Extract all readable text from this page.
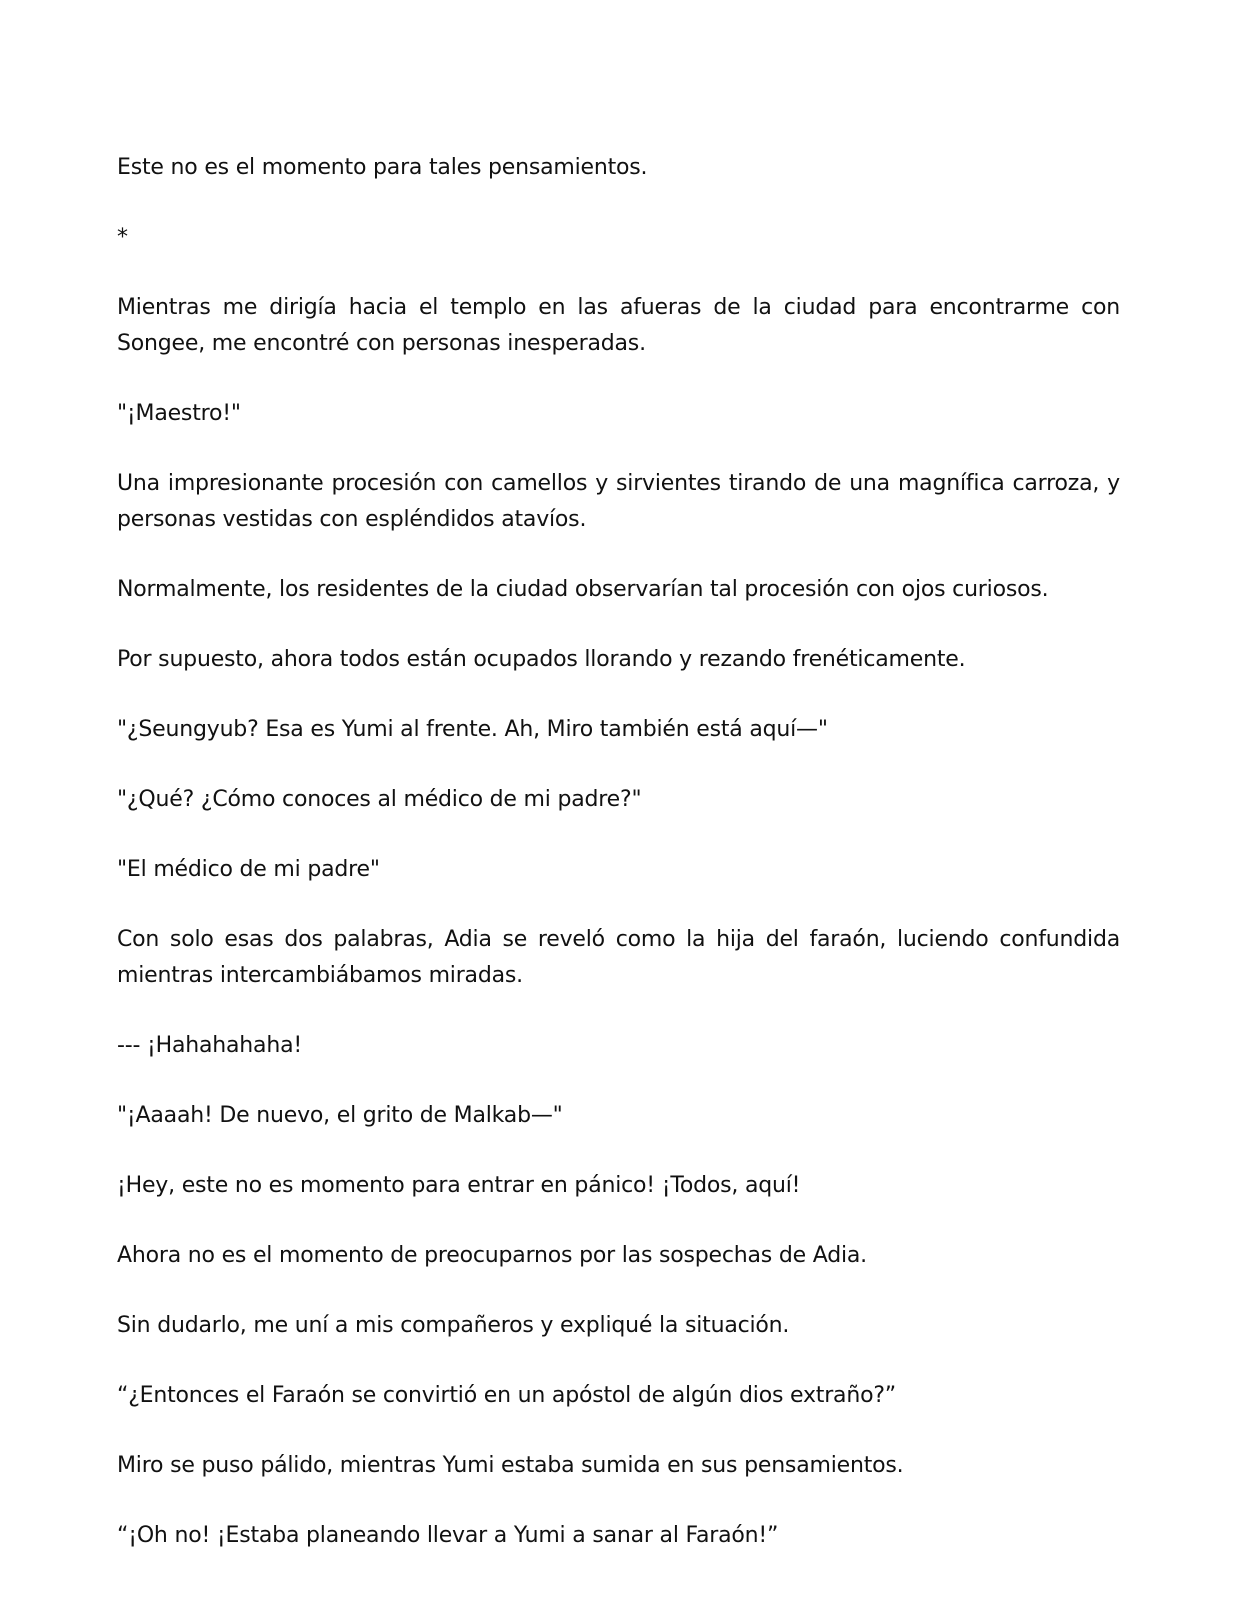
Este no es el momento para tales pensamientos.

*

Mientras me dirigía hacia el templo en las afueras de la ciudad para encontrarme con Songee, me encontré con personas inesperadas.

"¡Maestro!"

Una impresionante procesión con camellos y sirvientes tirando de una magnífica carroza, y personas vestidas con espléndidos atavíos.

Normalmente, los residentes de la ciudad observarían tal procesión con ojos curiosos.

Por supuesto, ahora todos están ocupados llorando y rezando frenéticamente.

"¿Seungyub? Esa es Yumi al frente. Ah, Miro también está aquí—"

"¿Qué? ¿Cómo conoces al médico de mi padre?"

"El médico de mi padre"

Con solo esas dos palabras, Adia se reveló como la hija del faraón, luciendo confundida mientras intercambiábamos miradas.

--- ¡Hahahahaha!

"¡Aaaah! De nuevo, el grito de Malkab—"

¡Hey, este no es momento para entrar en pánico! ¡Todos, aquí!

Ahora no es el momento de preocuparnos por las sospechas de Adia.

Sin dudarlo, me uní a mis compañeros y expliqué la situación.

“¿Entonces el Faraón se convirtió en un apóstol de algún dios extraño?”

Miro se puso pálido, mientras Yumi estaba sumida en sus pensamientos.

“¡Oh no! ¡Estaba planeando llevar a Yumi a sanar al Faraón!”
